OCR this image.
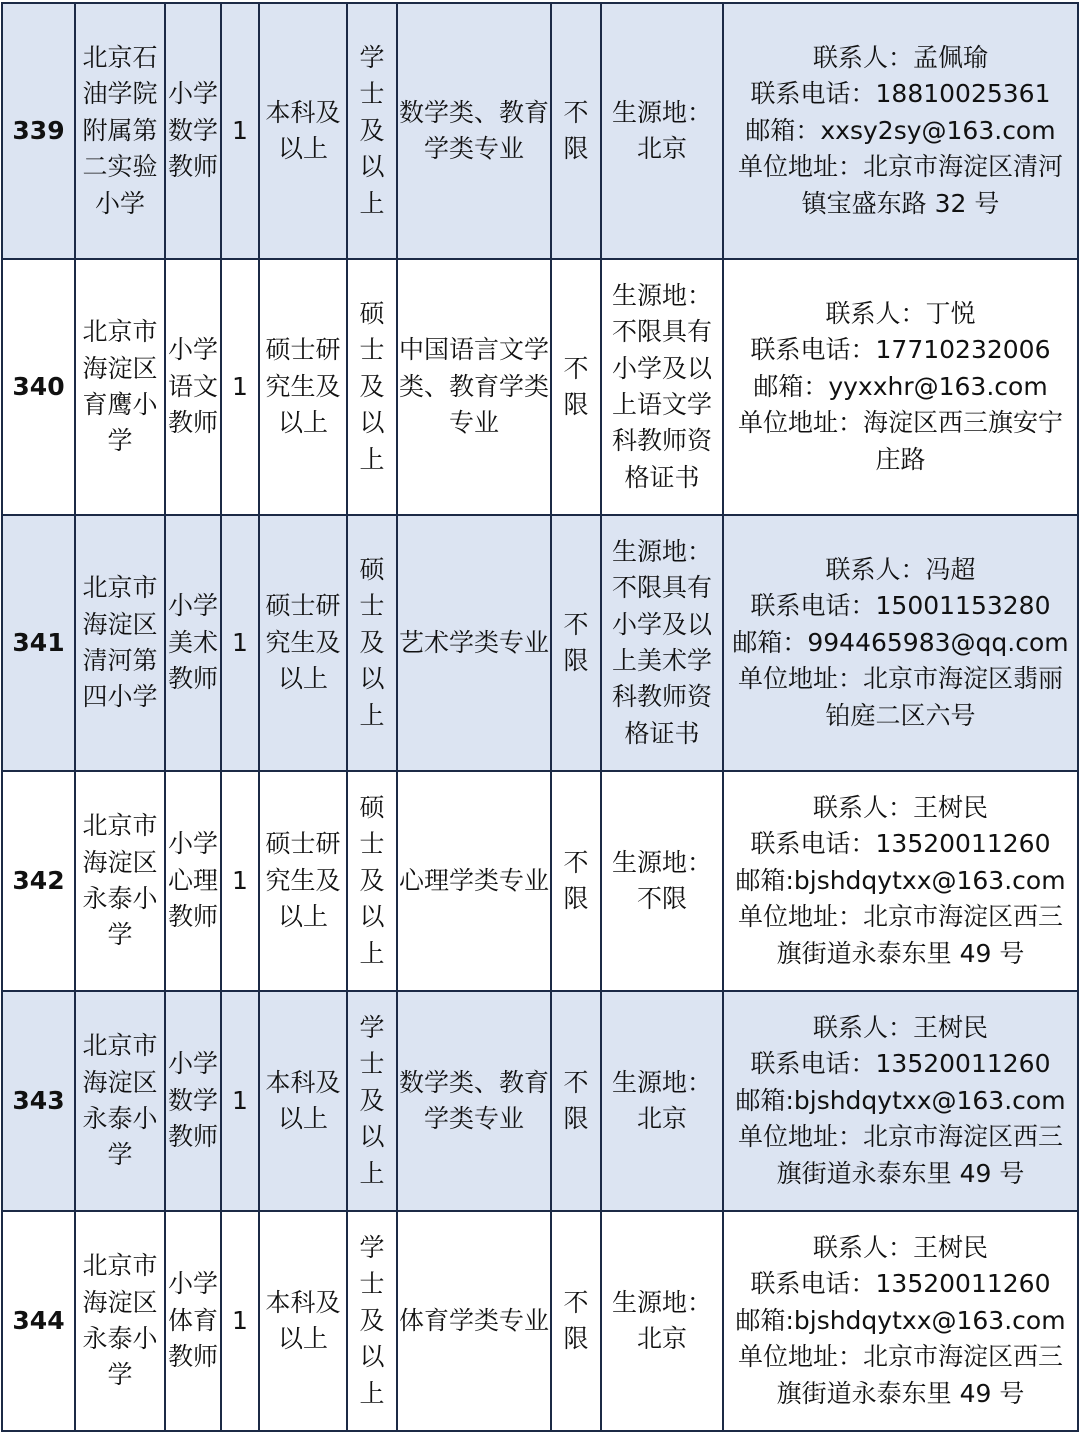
339	北京石油学院附属第二实验小学	小学数学教师	1	本科及以上	学士及以上	数学类、教育学类专业	不限	生源地：北京	联系人：孟佩瑜
联系电话：18810025361
邮箱：xxsy2sy@163.com
单位地址：北京市海淀区清河
镇宝盛东路 32 号

340	北京市海淀区育鹰小学	小学语文教师	1	硕士研究生及以上	硕士及以上	中国语言文学类、教育学类专业	不限	生源地：不限具有小学及以上语文学科教师资格证书	联系人：丁悦
联系电话：17710232006
邮箱：yyxxhr@163.com
单位地址：海淀区西三旗安宁
庄路

341	北京市海淀区清河第四小学	小学美术教师	1	硕士研究生及以上	硕士及以上	艺术学类专业	不限	生源地：不限具有小学及以上美术学科教师资格证书	联系人：冯超
联系电话：15001153280
邮箱：994465983@qq.com
单位地址：北京市海淀区翡丽
铂庭二区六号

342	北京市海淀区永泰小学	小学心理教师	1	硕士研究生及以上	硕士及以上	心理学类专业	不限	生源地：不限	联系人：王树民
联系电话：13520011260
邮箱:bjshdqytxx@163.com
单位地址：北京市海淀区西三
旗街道永泰东里 49 号

343	北京市海淀区永泰小学	小学数学教师	1	本科及以上	学士及以上	数学类、教育学类专业	不限	生源地：北京	联系人：王树民
联系电话：13520011260
邮箱:bjshdqytxx@163.com
单位地址：北京市海淀区西三
旗街道永泰东里 49 号

344	北京市海淀区永泰小学	小学体育教师	1	本科及以上	学士及以上	体育学类专业	不限	生源地：北京	联系人：王树民
联系电话：13520011260
邮箱:bjshdqytxx@163.com
单位地址：北京市海淀区西三
旗街道永泰东里 49 号
